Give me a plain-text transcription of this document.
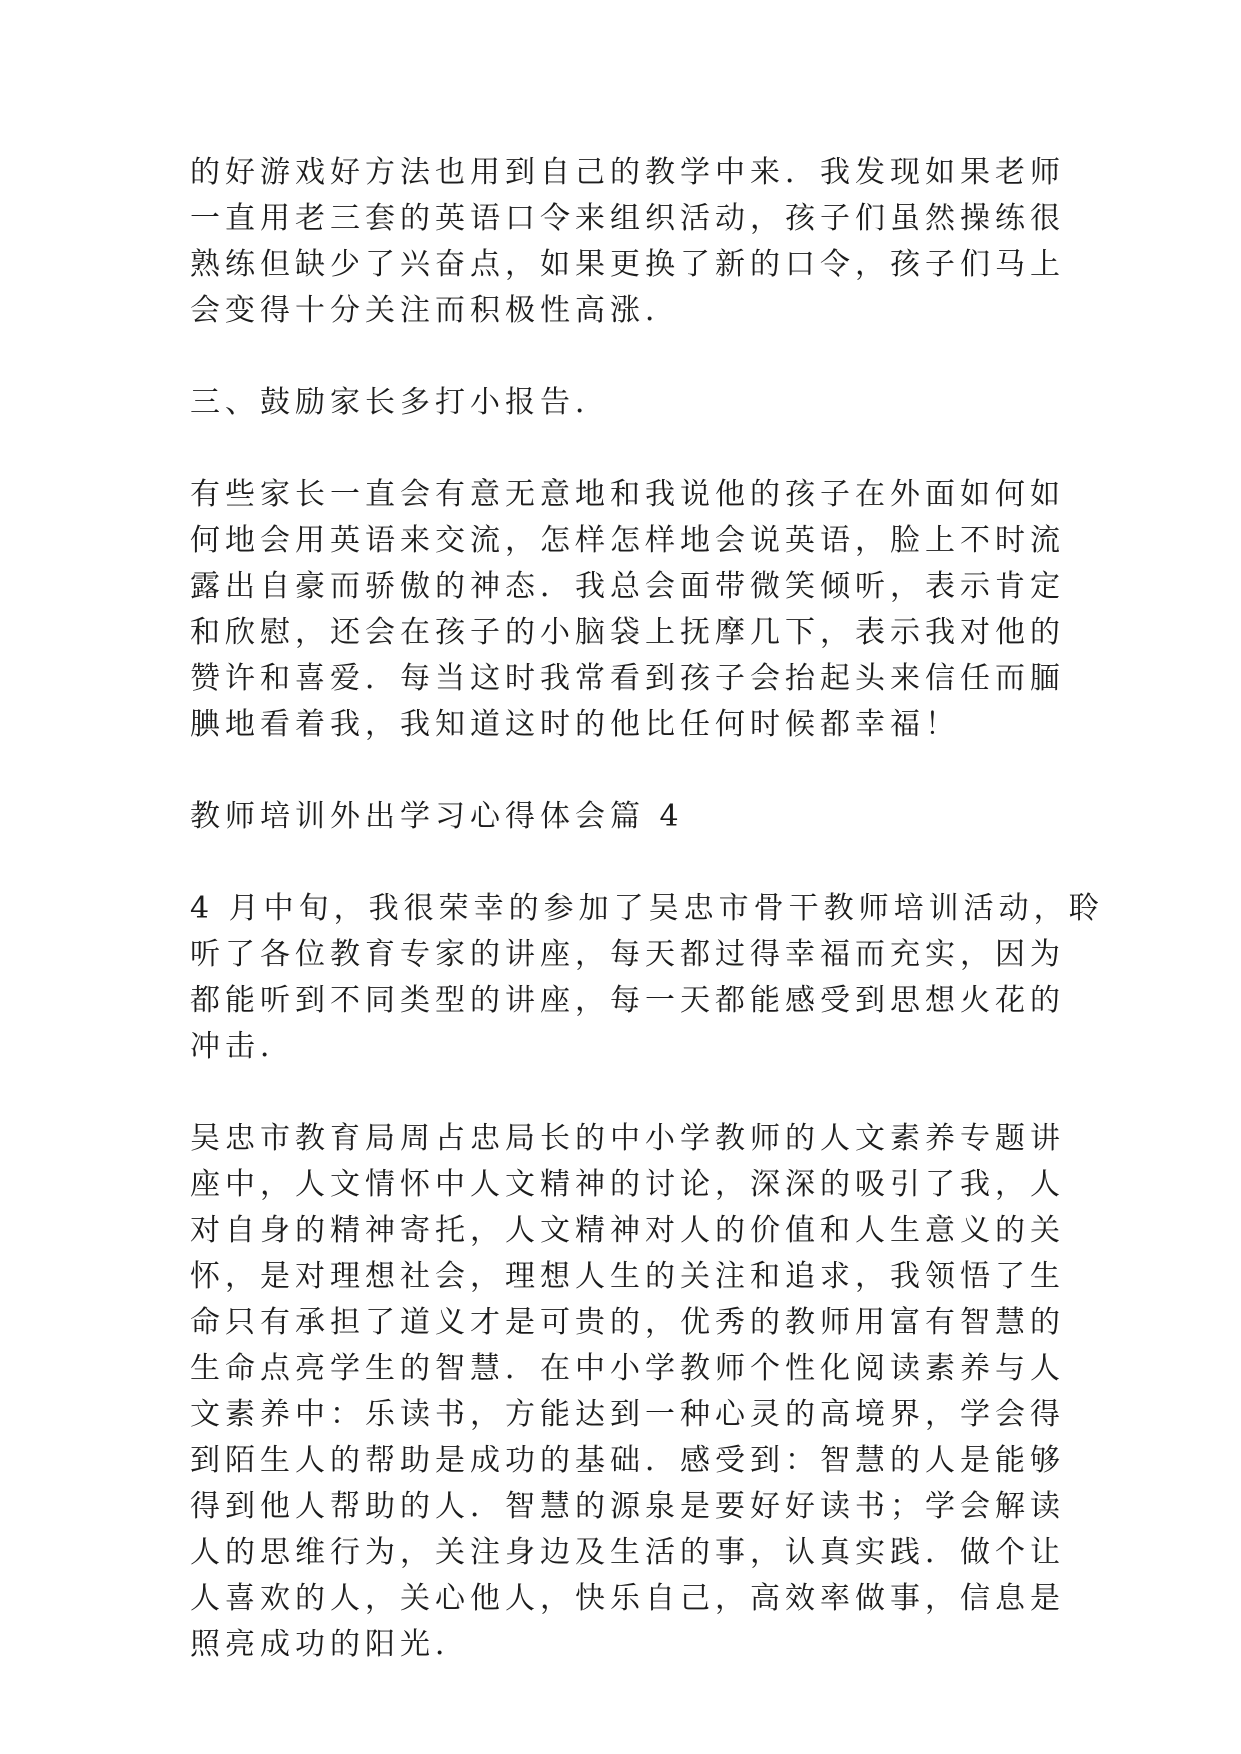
的好游戏好方法也用到自己的教学中来．我发现如果老师
一直用老三套的英语口令来组织活动，孩子们虽然操练很
熟练但缺少了兴奋点，如果更换了新的口令，孩子们马上
会变得十分关注而积极性高涨．
三、鼓励家长多打小报告．
有些家长一直会有意无意地和我说他的孩子在外面如何如
何地会用英语来交流，怎样怎样地会说英语，脸上不时流
露出自豪而骄傲的神态．我总会面带微笑倾听，表示肯定
和欣慰，还会在孩子的小脑袋上抚摩几下，表示我对他的
赞许和喜爱．每当这时我常看到孩子会抬起头来信任而腼
腆地看着我，我知道这时的他比任何时候都幸福！
教师培训外出学习心得体会篇 4
4 月中旬，我很荣幸的参加了吴忠市骨干教师培训活动，聆
听了各位教育专家的讲座，每天都过得幸福而充实，因为
都能听到不同类型的讲座，每一天都能感受到思想火花的
冲击．
吴忠市教育局周占忠局长的中小学教师的人文素养专题讲
座中，人文情怀中人文精神的讨论，深深的吸引了我，人
对自身的精神寄托，人文精神对人的价值和人生意义的关
怀，是对理想社会，理想人生的关注和追求，我领悟了生
命只有承担了道义才是可贵的，优秀的教师用富有智慧的
生命点亮学生的智慧．在中小学教师个性化阅读素养与人
文素养中：乐读书，方能达到一种心灵的高境界，学会得
到陌生人的帮助是成功的基础．感受到：智慧的人是能够
得到他人帮助的人．智慧的源泉是要好好读书；学会解读
人的思维行为，关注身边及生活的事，认真实践．做个让
人喜欢的人，关心他人，快乐自己，高效率做事，信息是
照亮成功的阳光．
